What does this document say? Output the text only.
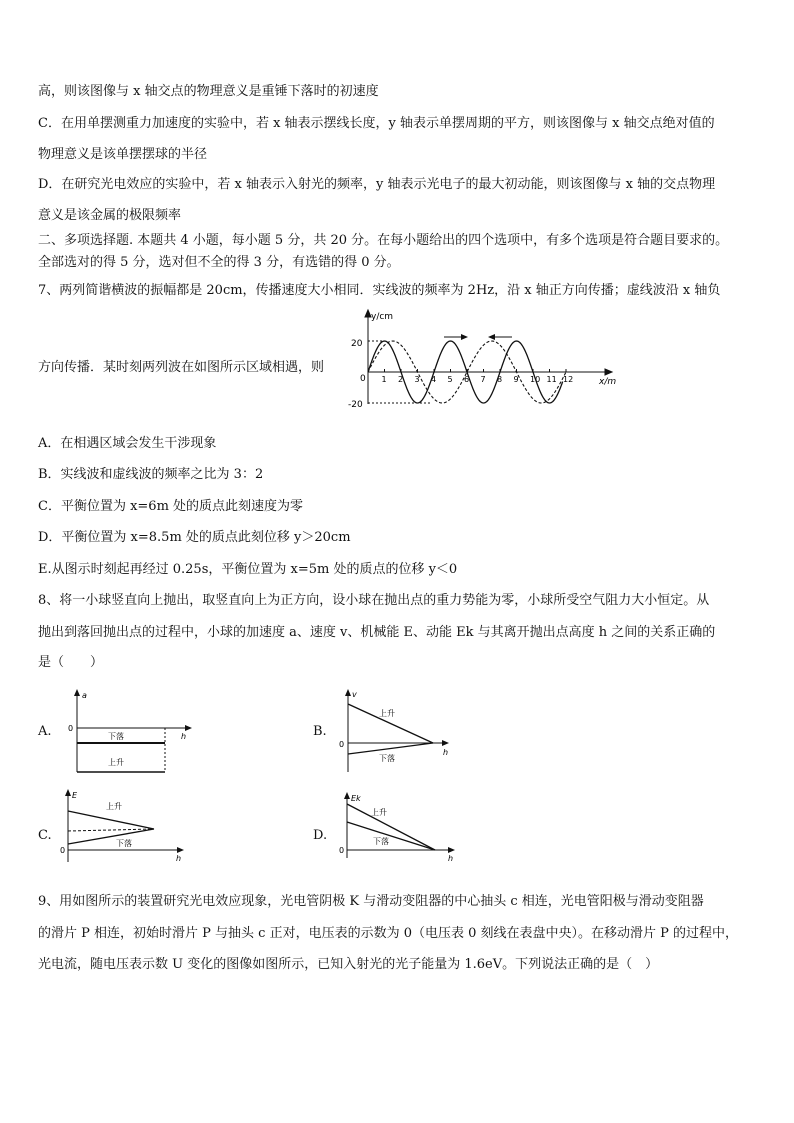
高，则该图像与 x 轴交点的物理意义是重锤下落时的初速度
C．在用单摆测重力加速度的实验中，若 x 轴表示摆线长度，y 轴表示单摆周期的平方，则该图像与 x 轴交点绝对值的
物理意义是该单摆摆球的半径
D．在研究光电效应的实验中，若 x 轴表示入射光的频率，y 轴表示光电子的最大初动能，则该图像与 x 轴的交点物理
意义是该金属的极限频率
二、多项选择题. 本题共 4 小题，每小题 5 分，共 20 分。在每小题给出的四个选项中，有多个选项是符合题目要求的。
全部选对的得 5 分，选对但不全的得 3 分，有选错的得 0 分。
7、两列简谐横波的振幅都是 20cm，传播速度大小相同．实线波的频率为 2Hz，沿 x 轴正方向传播；虚线波沿 x 轴负
方向传播．某时刻两列波在如图所示区域相遇，则
A．在相遇区域会发生干涉现象
B．实线波和虚线波的频率之比为 3：2
C．平衡位置为 x=6m 处的质点此刻速度为零
D．平衡位置为 x=8.5m 处的质点此刻位移 y＞20cm
E.从图示时刻起再经过 0.25s，平衡位置为 x=5m 处的质点的位移 y＜0
8、将一小球竖直向上抛出，取竖直向上为正方向，设小球在抛出点的重力势能为零，小球所受空气阻力大小恒定。从
抛出到落回抛出点的过程中，小球的加速度 a、速度 v、机械能 E、动能 Ek 与其离开抛出点高度 h 之间的关系正确的
是（　　）
9、用如图所示的装置研究光电效应现象，光电管阴极 K 与滑动变阻器的中心抽头 c 相连，光电管阳极与滑动变阻器
的滑片 P 相连，初始时滑片 P 与抽头 c 正对，电压表的示数为 0（电压表 0 刻线在表盘中央）。在移动滑片 P 的过程中，
光电流，随电压表示数 U 变化的图像如图所示，已知入射光的光子能量为 1.6eV。下列说法正确的是（　）
y/cm
x/m
20
-20
0 1 2 3 4 5 6 7 8 9 10 11 12
A.
a
h
0
下落
上升
B.
v
h
0
上升
下落
C.
E
h
0
上升
下落
D.
Ek
h
0
上升
下落
